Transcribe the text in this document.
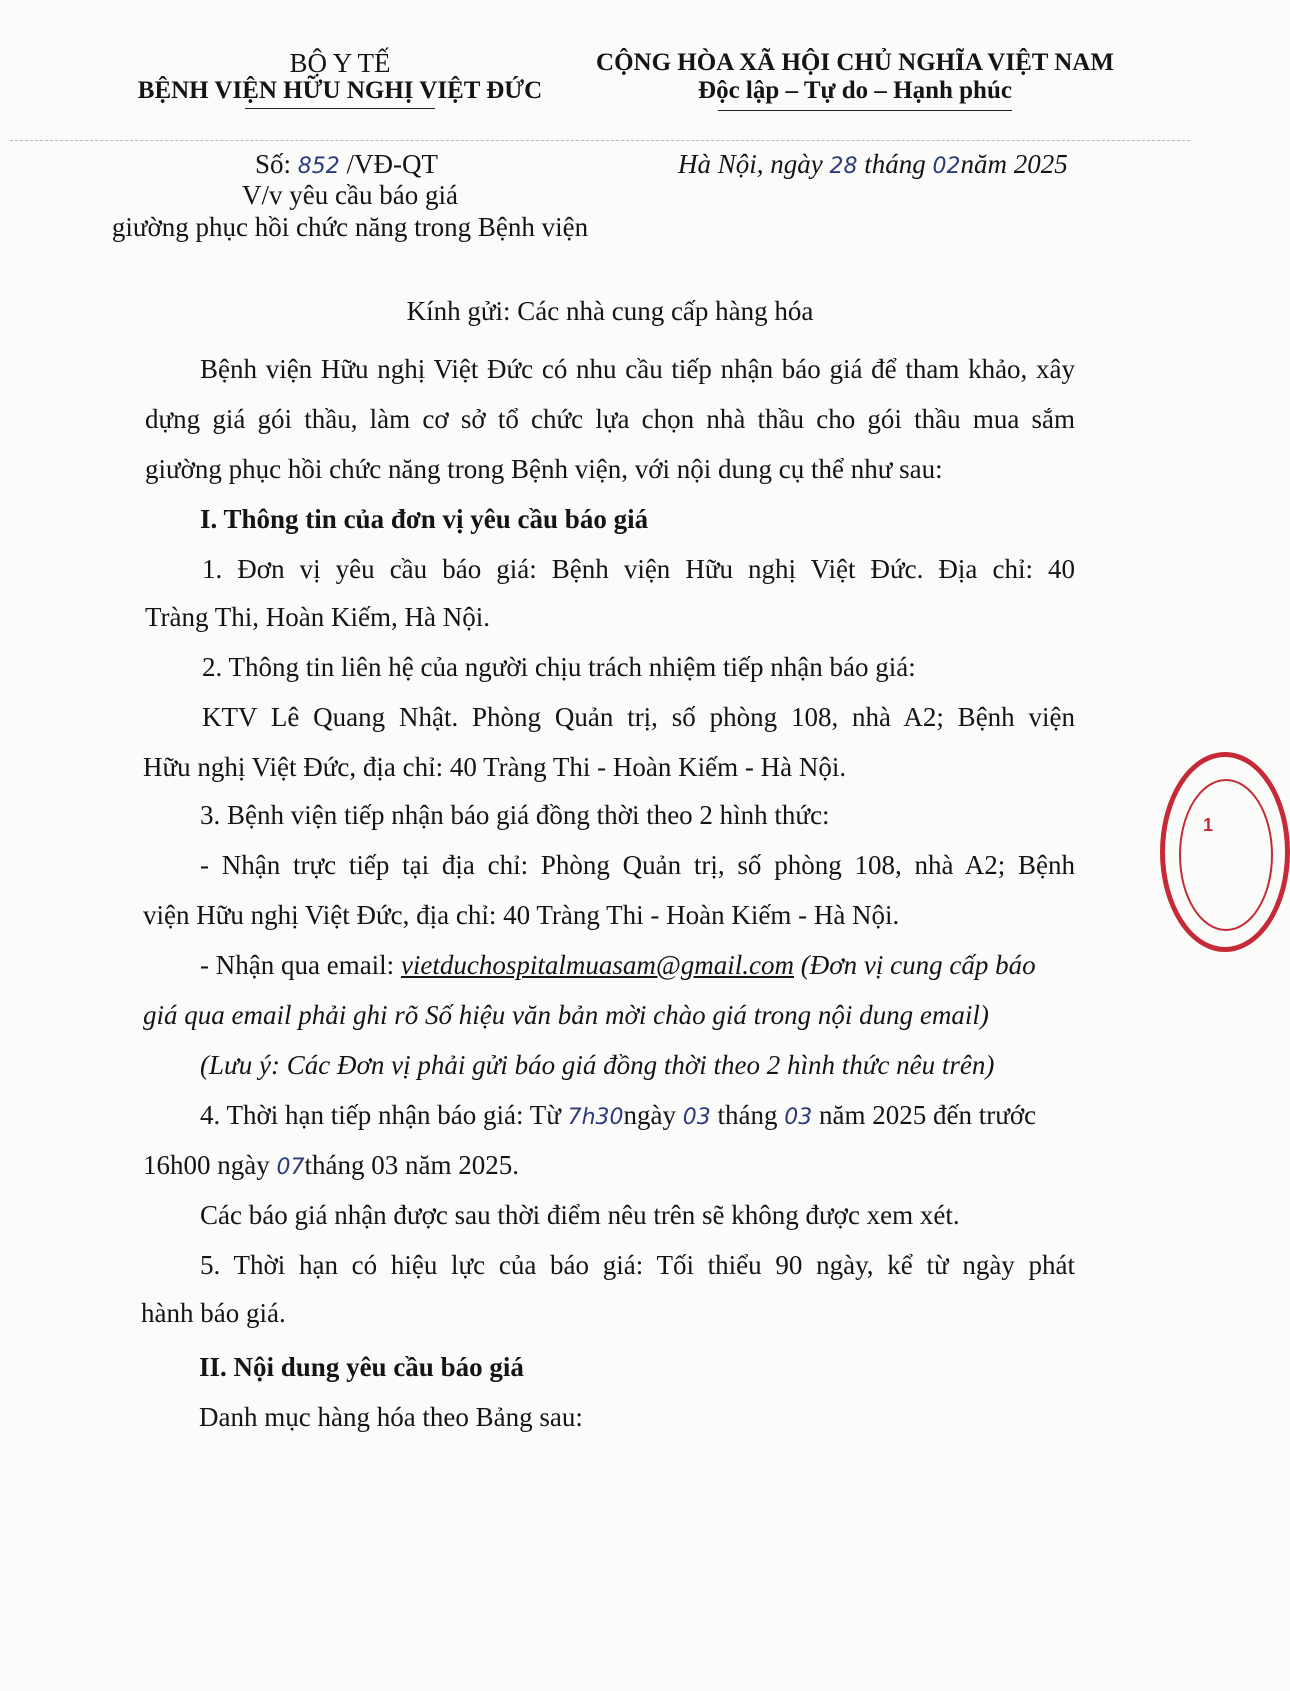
BỘ Y TẾ
BỆNH VIỆN HỮU NGHỊ VIỆT ĐỨC
CỘNG HÒA XÃ HỘI CHỦ NGHĨA VIỆT NAM
Độc lập – Tự do – Hạnh phúc
Số: 852 /VĐ-QT
V/v yêu cầu báo giá
giường phục hồi chức năng trong Bệnh viện
Hà Nội, ngày 28 tháng 02năm 2025
Kính gửi: Các nhà cung cấp hàng hóa
Bệnh viện Hữu nghị Việt Đức có nhu cầu tiếp nhận báo giá để tham khảo, xây
dựng giá gói thầu, làm cơ sở tổ chức lựa chọn nhà thầu cho gói thầu mua sắm
giường phục hồi chức năng trong Bệnh viện, với nội dung cụ thể như sau:
I. Thông tin của đơn vị yêu cầu báo giá
1. Đơn vị yêu cầu báo giá: Bệnh viện Hữu nghị Việt Đức. Địa chỉ: 40
Tràng Thi, Hoàn Kiếm, Hà Nội.
2. Thông tin liên hệ của người chịu trách nhiệm tiếp nhận báo giá:
KTV Lê Quang Nhật. Phòng Quản trị, số phòng 108, nhà A2; Bệnh viện
Hữu nghị Việt Đức, địa chỉ: 40 Tràng Thi - Hoàn Kiếm - Hà Nội.
3. Bệnh viện tiếp nhận báo giá đồng thời theo 2 hình thức:
- Nhận trực tiếp tại địa chỉ: Phòng Quản trị, số phòng 108, nhà A2; Bệnh
viện Hữu nghị Việt Đức, địa chỉ: 40 Tràng Thi - Hoàn Kiếm - Hà Nội.
- Nhận qua email: vietduchospitalmuasam@gmail.com (Đơn vị cung cấp báo
giá qua email phải ghi rõ Số hiệu văn bản mời chào giá trong nội dung email)
(Lưu ý: Các Đơn vị phải gửi báo giá đồng thời theo 2 hình thức nêu trên)
4. Thời hạn tiếp nhận báo giá: Từ 7h30ngày 03 tháng 03 năm 2025 đến trước
16h00 ngày 07tháng 03 năm 2025.
Các báo giá nhận được sau thời điểm nêu trên sẽ không được xem xét.
5. Thời hạn có hiệu lực của báo giá: Tối thiểu 90 ngày, kể từ ngày phát
hành báo giá.
II. Nội dung yêu cầu báo giá
Danh mục hàng hóa theo Bảng sau:
1
